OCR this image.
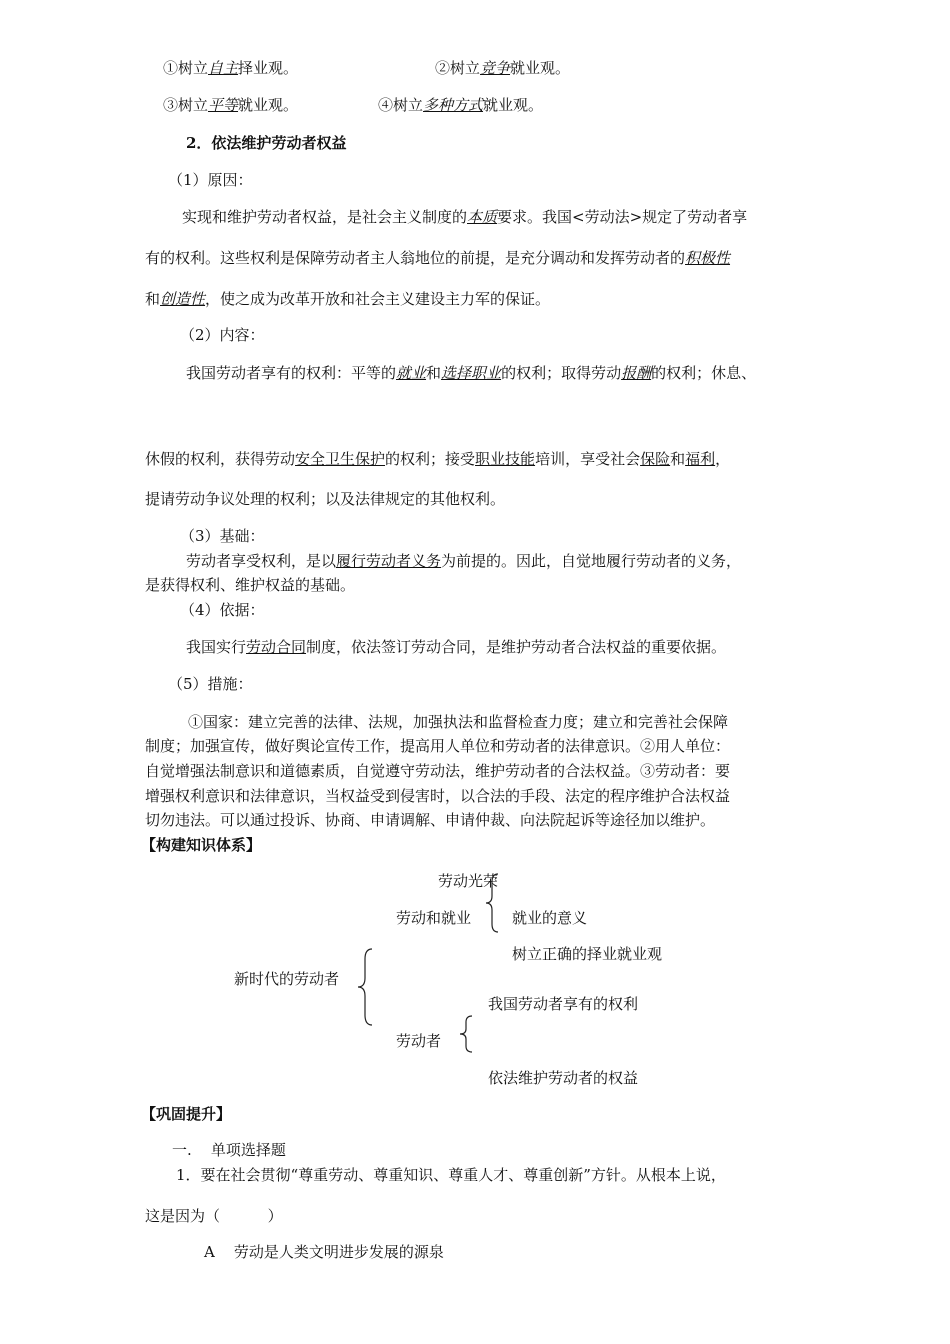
①树立自主择业观。	②树立竞争就业观。
③树立平等就业观。	④树立多种方式就业观。
2．依法维护劳动者权益
（1）原因：
实现和维护劳动者权益，是社会主义制度的本质要求。我国<劳动法>规定了劳动者享
有的权利。这些权利是保障劳动者主人翁地位的前提，是充分调动和发挥劳动者的积极性
和创造性，使之成为改革开放和社会主义建设主力军的保证。
（2）内容：
我国劳动者享有的权利：平等的就业和选择职业的权利；取得劳动报酬的权利；休息、
休假的权利，获得劳动安全卫生保护的权利；接受职业技能培训，享受社会保险和福利，
提请劳动争议处理的权利；以及法律规定的其他权利。
（3）基础：
劳动者享受权利，是以履行劳动者义务为前提的。因此，自觉地履行劳动者的义务，
是获得权利、维护权益的基础。
（4）依据：
我国实行劳动合同制度，依法签订劳动合同，是维护劳动者合法权益的重要依据。
（5）措施：
①国家：建立完善的法律、法规，加强执法和监督检查力度；建立和完善社会保障
制度；加强宣传，做好舆论宣传工作，提高用人单位和劳动者的法律意识。②用人单位：
自觉增强法制意识和道德素质，自觉遵守劳动法，维护劳动者的合法权益。③劳动者：要
增强权利意识和法律意识，当权益受到侵害时，以合法的手段、法定的程序维护合法权益
切勿违法。可以通过投诉、协商、申请调解、申请仲裁、向法院起诉等途径加以维护。
【构建知识体系】
劳动光荣
劳动和就业	就业的意义
树立正确的择业就业观
新时代的劳动者
我国劳动者享有的权利
劳动者
依法维护劳动者的权益
【巩固提升】
一.    单项选择题
1．要在社会贯彻“尊重劳动、尊重知识、尊重人才、尊重创新”方针。从根本上说，
这是因为（          ）
A    劳动是人类文明进步发展的源泉
